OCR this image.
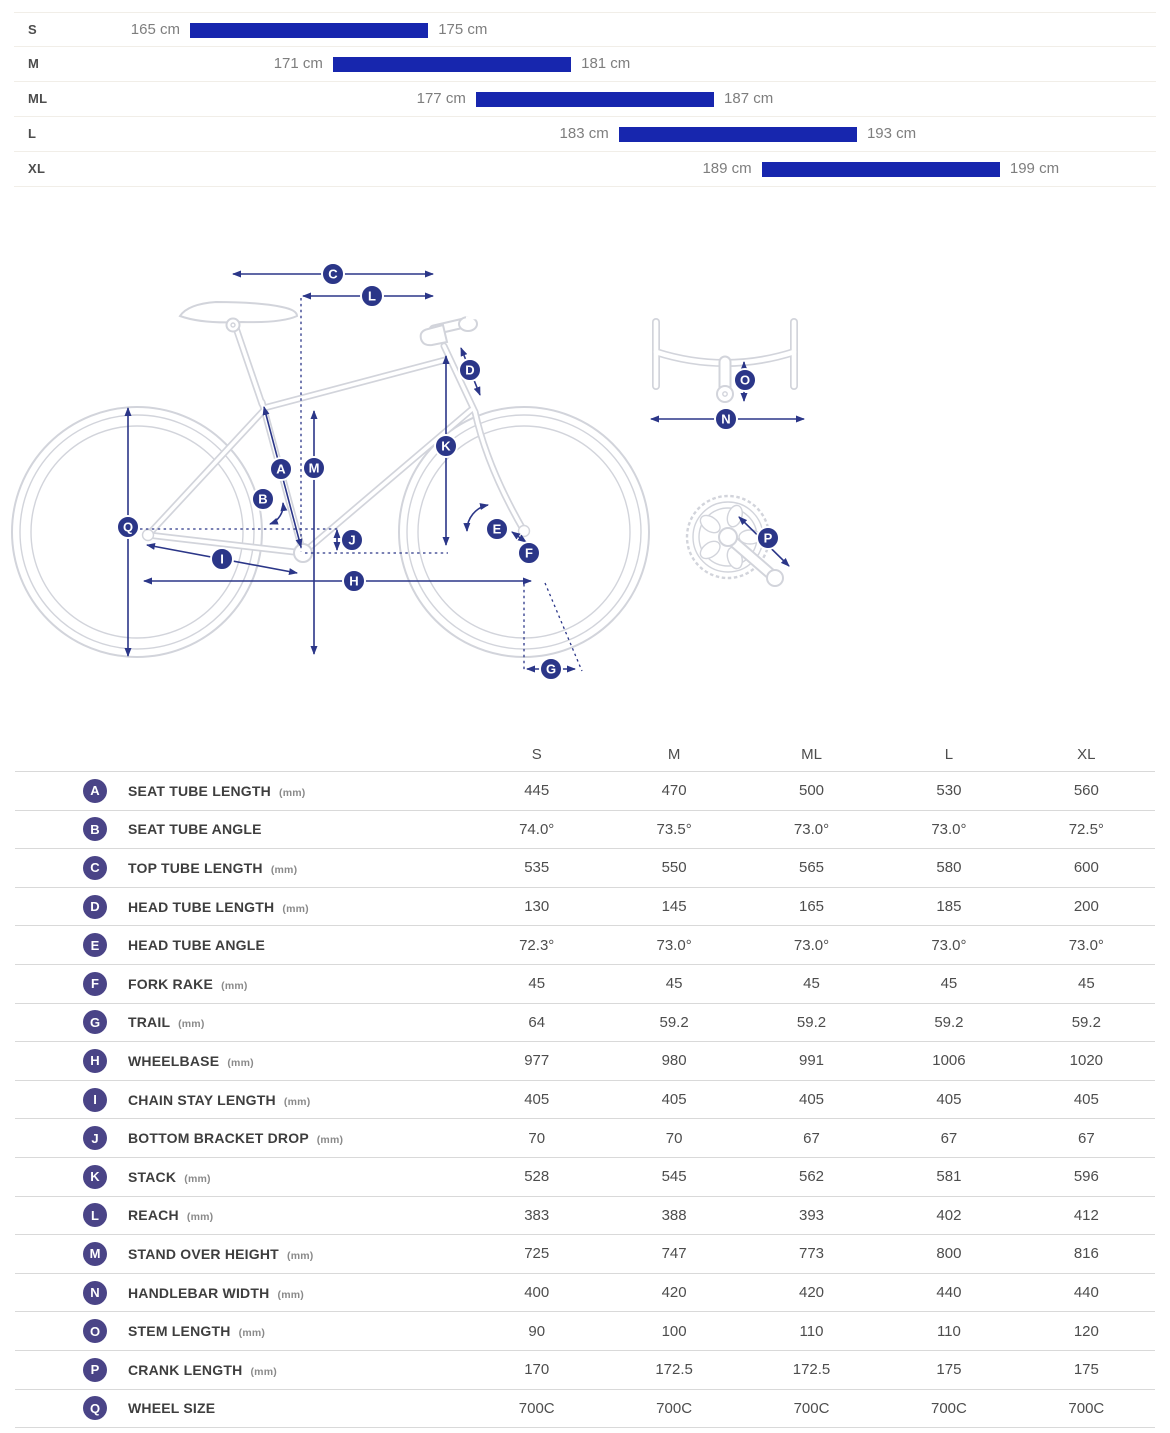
S	165 cm	175 cm
M	171 cm	181 cm
ML	177 cm	187 cm
L	183 cm	193 cm
XL	189 cm	199 cm
A
B
C
D
E
F
G
H
I
J
K
L
M
N
O
P
Q
S	M	ML	L	XL
A	SEAT TUBE LENGTH (mm)	445	470	500	530	560
B	SEAT TUBE ANGLE	74.0°	73.5°	73.0°	73.0°	72.5°
C	TOP TUBE LENGTH (mm)	535	550	565	580	600
D	HEAD TUBE LENGTH (mm)	130	145	165	185	200
E	HEAD TUBE ANGLE	72.3°	73.0°	73.0°	73.0°	73.0°
F	FORK RAKE (mm)	45	45	45	45	45
G	TRAIL (mm)	64	59.2	59.2	59.2	59.2
H	WHEELBASE (mm)	977	980	991	1006	1020
I	CHAIN STAY LENGTH (mm)	405	405	405	405	405
J	BOTTOM BRACKET DROP (mm)	70	70	67	67	67
K	STACK (mm)	528	545	562	581	596
L	REACH (mm)	383	388	393	402	412
M	STAND OVER HEIGHT (mm)	725	747	773	800	816
N	HANDLEBAR WIDTH (mm)	400	420	420	440	440
O	STEM LENGTH (mm)	90	100	110	110	120
P	CRANK LENGTH (mm)	170	172.5	172.5	175	175
Q	WHEEL SIZE	700C	700C	700C	700C	700C
